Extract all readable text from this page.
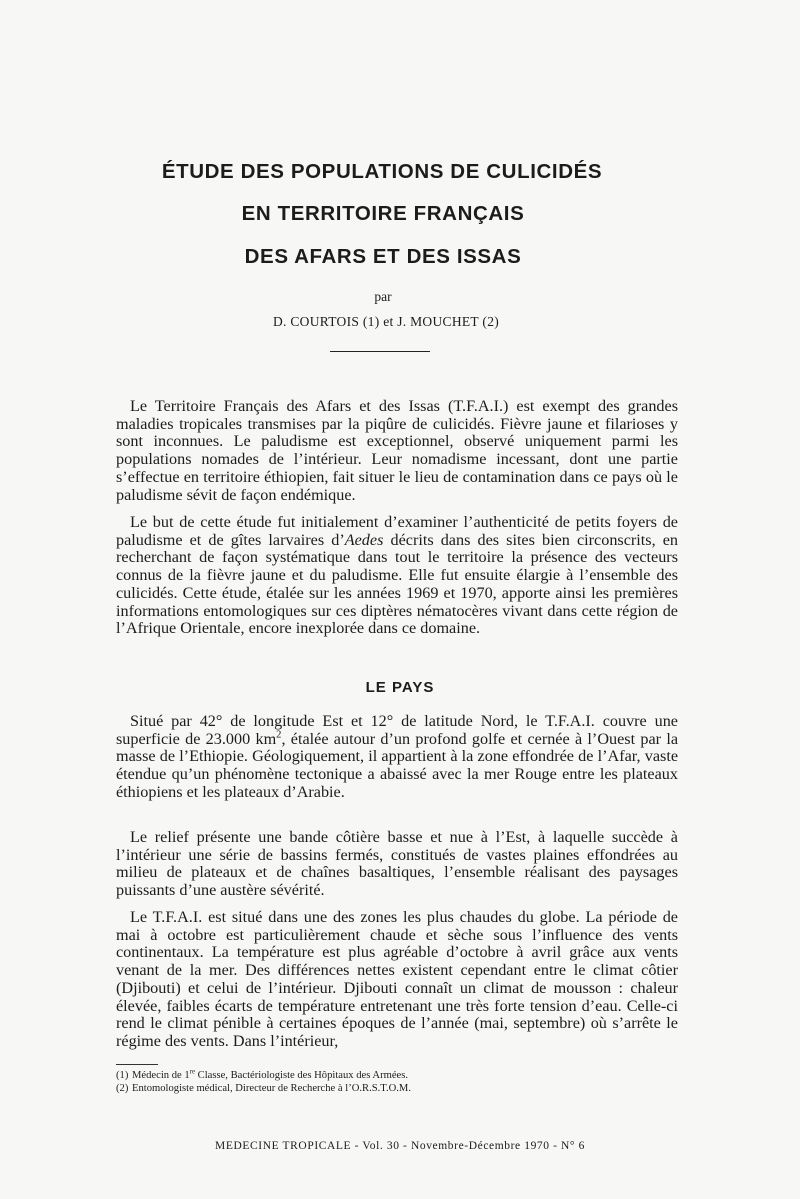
ÉTUDE DES POPULATIONS DE CULICIDÉS
EN TERRITOIRE FRANÇAIS
DES AFARS ET DES ISSAS
par
D. COURTOIS (1) et J. MOUCHET (2)

Le Territoire Français des Afars et des Issas (T.F.A.I.) est exempt des grandes maladies tropicales transmises par la piqûre de culicidés. Fièvre jaune et filarioses y sont inconnues. Le paludisme est exceptionnel, observé uniquement parmi les populations nomades de l’intérieur. Leur nomadisme incessant, dont une partie s’effectue en territoire éthiopien, fait situer le lieu de contamination dans ce pays où le paludisme sévit de façon endémique.

Le but de cette étude fut initialement d’examiner l’authenticité de petits foyers de paludisme et de gîtes larvaires d’Aedes décrits dans des sites bien circonscrits, en recherchant de façon systématique dans tout le territoire la présence des vecteurs connus de la fièvre jaune et du paludisme. Elle fut ensuite élargie à l’ensemble des culicidés. Cette étude, étalée sur les années 1969 et 1970, apporte ainsi les premières informations entomologiques sur ces diptères nématocères vivant dans cette région de l’Afrique Orientale, encore inexplorée dans ce domaine.

LE PAYS

Situé par 42° de longitude Est et 12° de latitude Nord, le T.F.A.I. couvre une superficie de 23.000 $km^2$, étalée autour d’un profond golfe et cernée à l’Ouest par la masse de l’Ethiopie. Géologiquement, il appartient à la zone effondrée de l’Afar, vaste étendue qu’un phénomène tectonique a abaissé avec la mer Rouge entre les plateaux éthiopiens et les plateaux d’Arabie.

Le relief présente une bande côtière basse et nue à l’Est, à laquelle succède à l’intérieur une série de bassins fermés, constitués de vastes plaines effondrées au milieu de plateaux et de chaînes basaltiques, l’ensemble réalisant des paysages puissants d’une austère sévérité.

Le T.F.A.I. est situé dans une des zones les plus chaudes du globe. La période de mai à octobre est particulièrement chaude et sèche sous l’influence des vents continentaux. La température est plus agréable d’octobre à avril grâce aux vents venant de la mer. Des différences nettes existent cependant entre le climat côtier (Djibouti) et celui de l’intérieur. Djibouti connaît un climat de mousson : chaleur élevée, faibles écarts de température entretenant une très forte tension d’eau. Celle-ci rend le climat pénible à certaines époques de l’année (mai, septembre) où s’arrête le régime des vents. Dans l’intérieur,

(1) Médecin de 1re Classe, Bactériologiste des Hôpitaux des Armées.

(2) Entomologiste médical, Directeur de Recherche à l’O.R.S.T.O.M.

MEDECINE TROPICALE - Vol. 30 - Novembre-Décembre 1970 - N° 6
